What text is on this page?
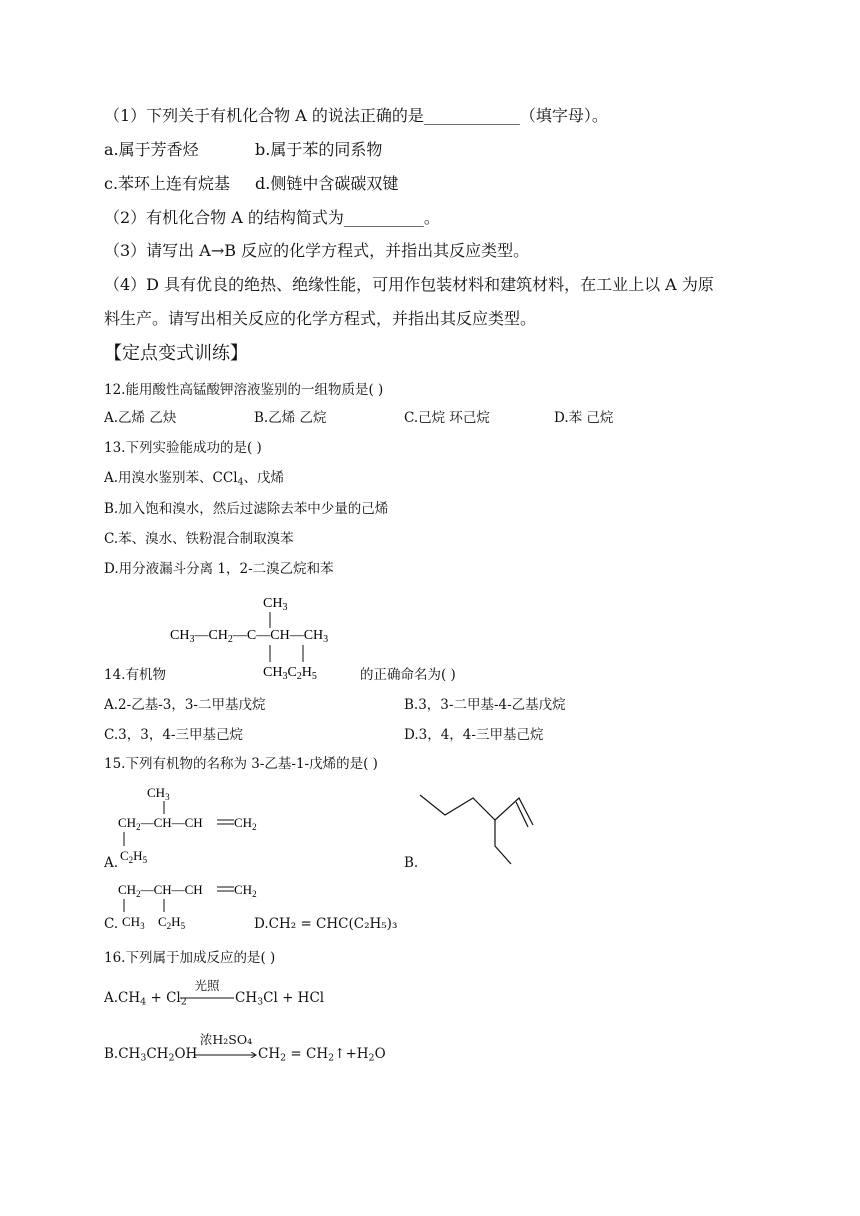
（1）下列关于有机化合物 A 的说法正确的是____________（填字母）。
a.属于芳香烃	b.属于苯的同系物
c.苯环上连有烷基 d.侧链中含碳碳双键
（2）有机化合物 A 的结构简式为__________。
（3）请写出 A→B 反应的化学方程式，并指出其反应类型。
（4）D 具有优良的绝热、绝缘性能，可用作包装材料和建筑材料，在工业上以 A 为原
料生产。请写出相关反应的化学方程式，并指出其反应类型。
【定点变式训练】
12.能用酸性高锰酸钾溶液鉴别的一组物质是( )
A.乙烯 乙炔	B.乙烯 乙烷	C.己烷 环己烷	D.苯 己烷
13.下列实验能成功的是( )
A.用溴水鉴别苯、CCl$_4$、戊烯
B.加入饱和溴水，然后过滤除去苯中少量的己烯
C.苯、溴水、铁粉混合制取溴苯
D.用分液漏斗分离 1，2-二溴乙烷和苯
$CH_3$
$CH_3—CH_2—C—CH—CH_3$
$CH_3C_2H_5$
14.有机物	的正确命名为( )
A.2-乙基-3，3-二甲基戊烷	B.3，3-二甲基-4-乙基戊烷
C.3，3，4-三甲基己烷	D.3，4，4-三甲基己烷
15.下列有机物的名称为 3-乙基-1-戊烯的是( )
$CH_3$
$CH_2—CH—CH$ $CH_2$
$C_2H_5$
A.	B.
$CH_2—CH—CH$ $CH_2$
$CH_3$ $C_2H_5$
C.	D.CH₂ = CHC(C₂H₅)₃
16.下列属于加成反应的是( )
$A.CH_4 + Cl_2$
光照
$CH_3Cl$ + HCl
$B.CH_3CH_2OH$
浓H₂SO₄
$CH_2$ = $CH_2↑+H_2O$
